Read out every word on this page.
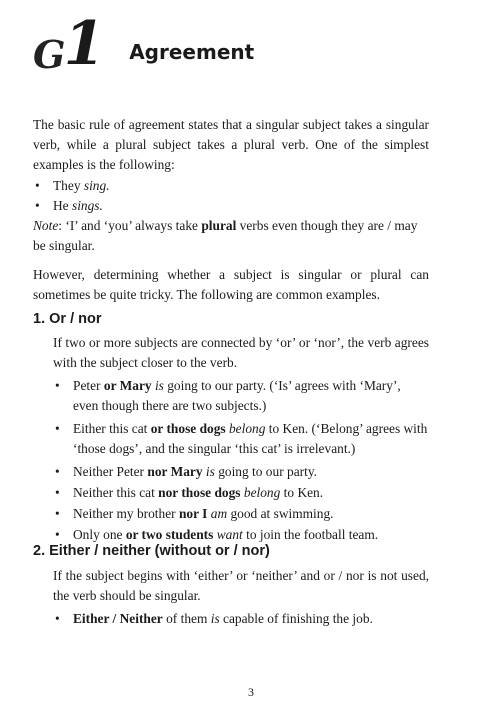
G 1 Agreement

The basic rule of agreement states that a singular subject takes a singular verb, while a plural subject takes a plural verb. One of the simplest examples is the following:

• They sing.
• He sings.

Note: ‘I’ and ‘you’ always take plural verbs even though they are / may be singular.

However, determining whether a subject is singular or plural can sometimes be quite tricky. The following are common examples.

1. Or / nor

If two or more subjects are connected by ‘or’ or ‘nor’, the verb agrees with the subject closer to the verb.

• Peter or Mary is going to our party. (‘Is’ agrees with ‘Mary’, even though there are two subjects.)
• Either this cat or those dogs belong to Ken. (‘Belong’ agrees with ‘those dogs’, and the singular ‘this cat’ is irrelevant.)
• Neither Peter nor Mary is going to our party.
• Neither this cat nor those dogs belong to Ken.
• Neither my brother nor I am good at swimming.
• Only one or two students want to join the football team.
2. Either / neither (without or / nor)

If the subject begins with ‘either’ or ‘neither’ and or / nor is not used, the verb should be singular.

• Either / Neither of them is capable of finishing the job.
3
